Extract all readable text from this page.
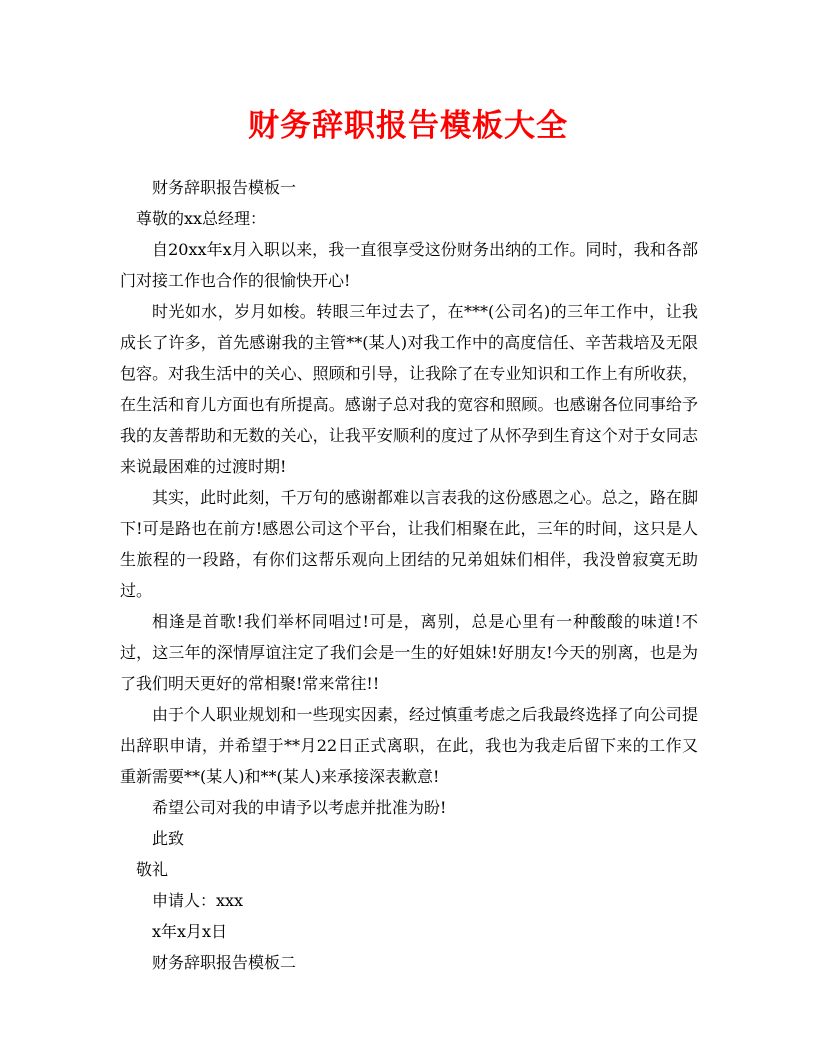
财务辞职报告模板大全

财务辞职报告模板一

尊敬的xx总经理：

自20xx年x月入职以来，我一直很享受这份财务出纳的工作。同时，我和各部门对接工作也合作的很愉快开心!

时光如水，岁月如梭。转眼三年过去了，在***(公司名)的三年工作中，让我成长了许多，首先感谢我的主管**(某人)对我工作中的高度信任、辛苦栽培及无限包容。对我生活中的关心、照顾和引导，让我除了在专业知识和工作上有所收获，在生活和育儿方面也有所提高。感谢子总对我的宽容和照顾。也感谢各位同事给予我的友善帮助和无数的关心，让我平安顺利的度过了从怀孕到生育这个对于女同志来说最困难的过渡时期!

其实，此时此刻，千万句的感谢都难以言表我的这份感恩之心。总之，路在脚下!可是路也在前方!感恩公司这个平台，让我们相聚在此，三年的时间，这只是人生旅程的一段路，有你们这帮乐观向上团结的兄弟姐妹们相伴，我没曾寂寞无助过。

相逢是首歌!我们举杯同唱过!可是，离别，总是心里有一种酸酸的味道!不过，这三年的深情厚谊注定了我们会是一生的好姐妹!好朋友!今天的别离，也是为了我们明天更好的常相聚!常来常往!!

由于个人职业规划和一些现实因素，经过慎重考虑之后我最终选择了向公司提出辞职申请，并希望于**月22日正式离职，在此，我也为我走后留下来的工作又重新需要**(某人)和**(某人)来承接深表歉意!

希望公司对我的申请予以考虑并批准为盼!

此致

敬礼

申请人：xxx

x年x月x日

财务辞职报告模板二
